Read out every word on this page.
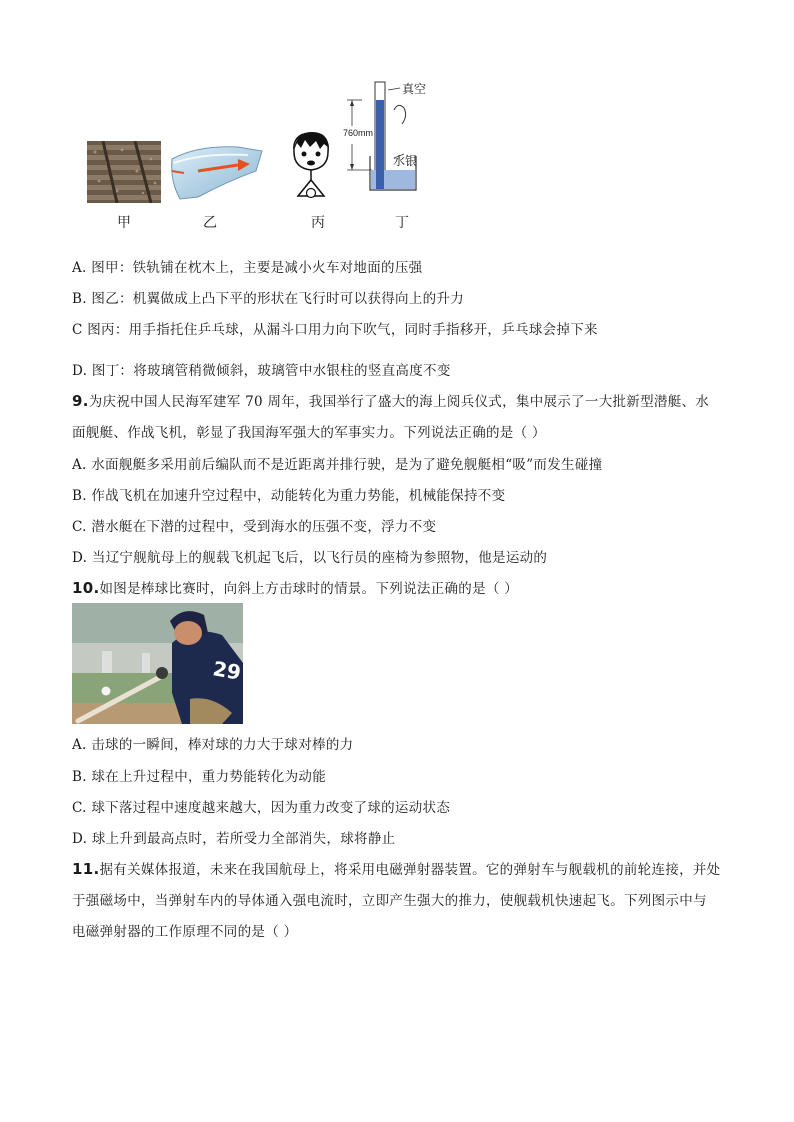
真空
760mm
水银
甲	乙	丙	丁
A. 图甲：铁轨铺在枕木上，主要是减小火车对地面的压强
B. 图乙：机翼做成上凸下平的形状在飞行时可以获得向上的升力
C 图丙：用手指托住乒乓球，从漏斗口用力向下吹气，同时手指移开，乒乓球会掉下来
D. 图丁：将玻璃管稍微倾斜，玻璃管中水银柱的竖直高度不变
9.为庆祝中国人民海军建军 70 周年，我国举行了盛大的海上阅兵仪式，集中展示了一大批新型潜艇、水
面舰艇、作战飞机，彰显了我国海军强大的军事实力。下列说法正确的是（ ）
A. 水面舰艇多采用前后编队而不是近距离并排行驶，是为了避免舰艇相“吸”而发生碰撞
B. 作战飞机在加速升空过程中，动能转化为重力势能，机械能保持不变
C. 潜水艇在下潜的过程中，受到海水的压强不变，浮力不变
D. 当辽宁舰航母上的舰载飞机起飞后，以飞行员的座椅为参照物，他是运动的
10.如图是棒球比赛时，向斜上方击球时的情景。下列说法正确的是（ ）
29
A. 击球的一瞬间，棒对球的力大于球对棒的力
B. 球在上升过程中，重力势能转化为动能
C. 球下落过程中速度越来越大，因为重力改变了球的运动状态
D. 球上升到最高点时，若所受力全部消失，球将静止
11.据有关媒体报道，未来在我国航母上，将采用电磁弹射器装置。它的弹射车与舰载机的前轮连接，并处
于强磁场中，当弹射车内的导体通入强电流时，立即产生强大的推力，使舰载机快速起飞。下列图示中与
电磁弹射器的工作原理不同的是（ ）
